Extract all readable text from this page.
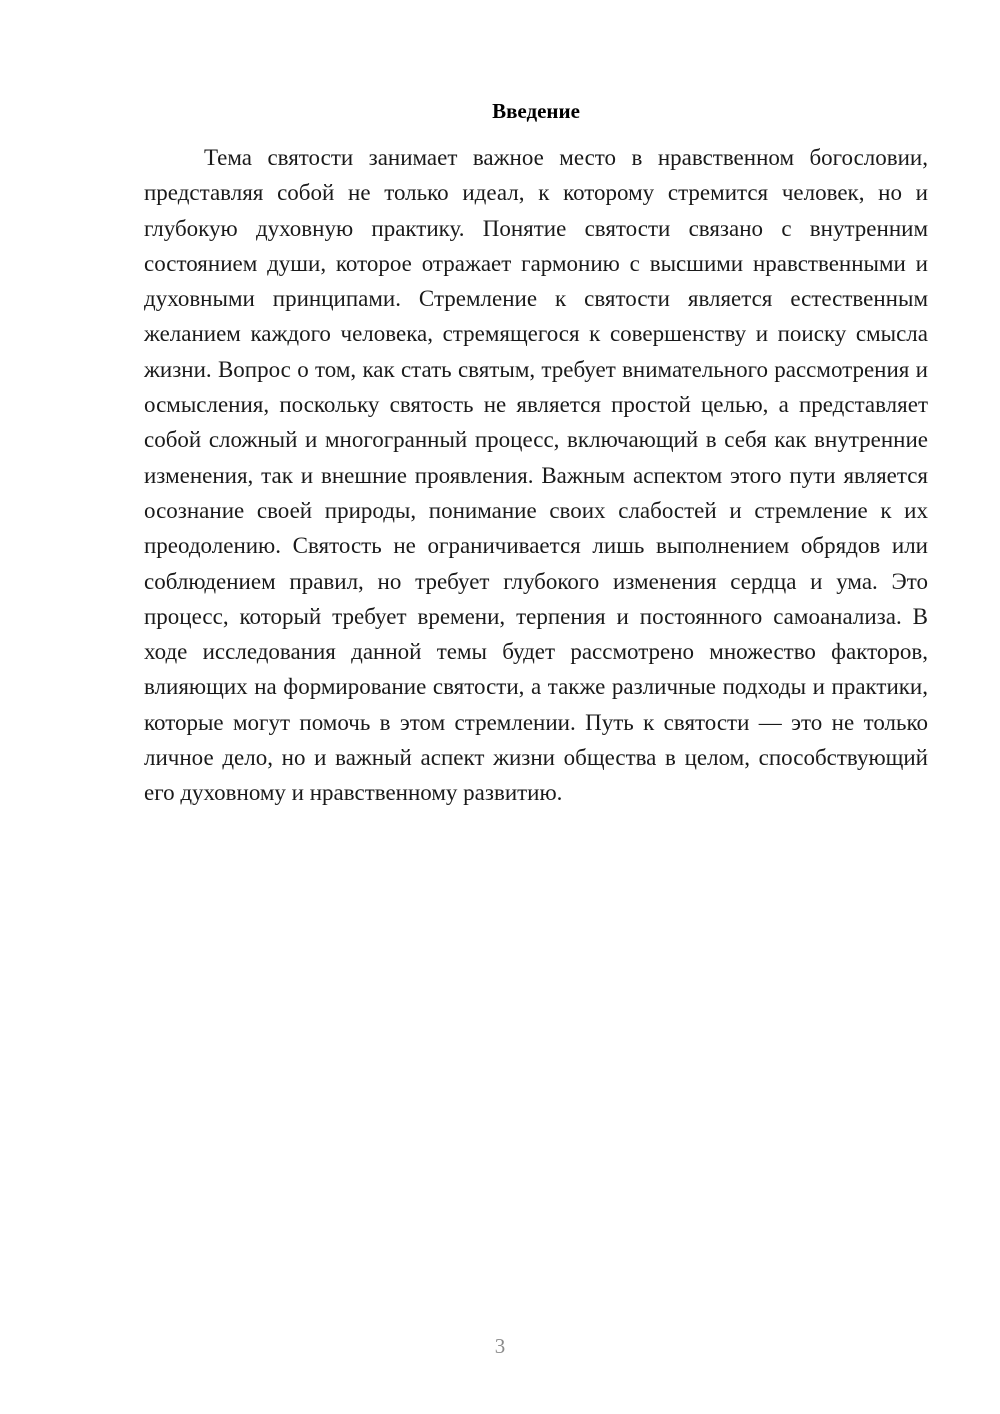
Введение

Тема святости занимает важное место в нравственном богословии, представляя собой не только идеал, к которому стремится человек, но и глубокую духовную практику. Понятие святости связано с внутренним состоянием души, которое отражает гармонию с высшими нравственными и духовными принципами. Стремление к святости является естественным желанием каждого человека, стремящегося к совершенству и поиску смысла жизни. Вопрос о том, как стать святым, требует внимательного рассмотрения и осмысления, поскольку святость не является простой целью, а представляет собой сложный и многогранный процесс, включающий в себя как внутренние изменения, так и внешние проявления. Важным аспектом этого пути является осознание своей природы, понимание своих слабостей и стремление к их преодолению. Святость не ограничивается лишь выполнением обрядов или соблюдением правил, но требует глубокого изменения сердца и ума. Это процесс, который требует времени, терпения и постоянного самоанализа. В ходе исследования данной темы будет рассмотрено множество факторов, влияющих на формирование святости, а также различные подходы и практики, которые могут помочь в этом стремлении. Путь к святости — это не только личное дело, но и важный аспект жизни общества в целом, способствующий его духовному и нравственному развитию.

3
